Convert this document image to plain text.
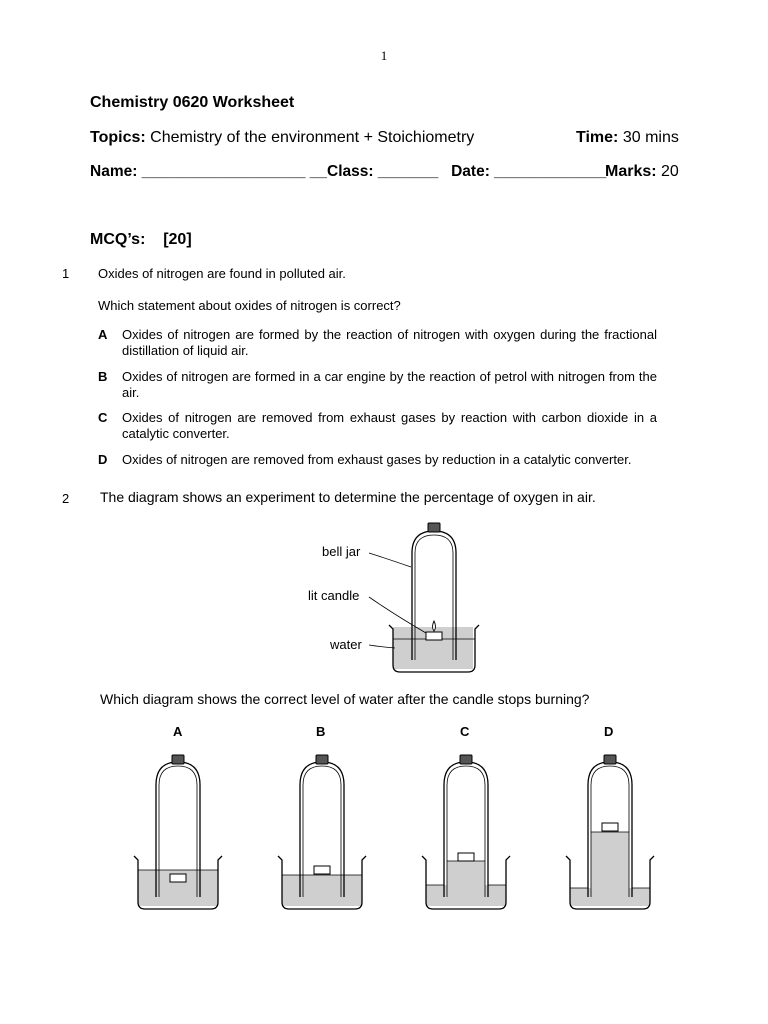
1
Chemistry 0620 Worksheet
Topics: Chemistry of the environment + Stoichiometry	Time: 30 mins
Name: ___________________ __Class: _______   Date: _____________
Marks: 20
MCQ’s:    [20]
1 Oxides of nitrogen are found in polluted air.
Which statement about oxides of nitrogen is correct?
A Oxides of nitrogen are formed by the reaction of nitrogen with oxygen during the fractional distillation of liquid air.
B Oxides of nitrogen are formed in a car engine by the reaction of petrol with nitrogen from the air.
C Oxides of nitrogen are removed from exhaust gases by reaction with carbon dioxide in a catalytic converter.
D Oxides of nitrogen are removed from exhaust gases by reduction in a catalytic converter.
2 The diagram shows an experiment to determine the percentage of oxygen in air.
bell jar
lit candle
water
Which diagram shows the correct level of water after the candle stops burning?
A	B	C	D
